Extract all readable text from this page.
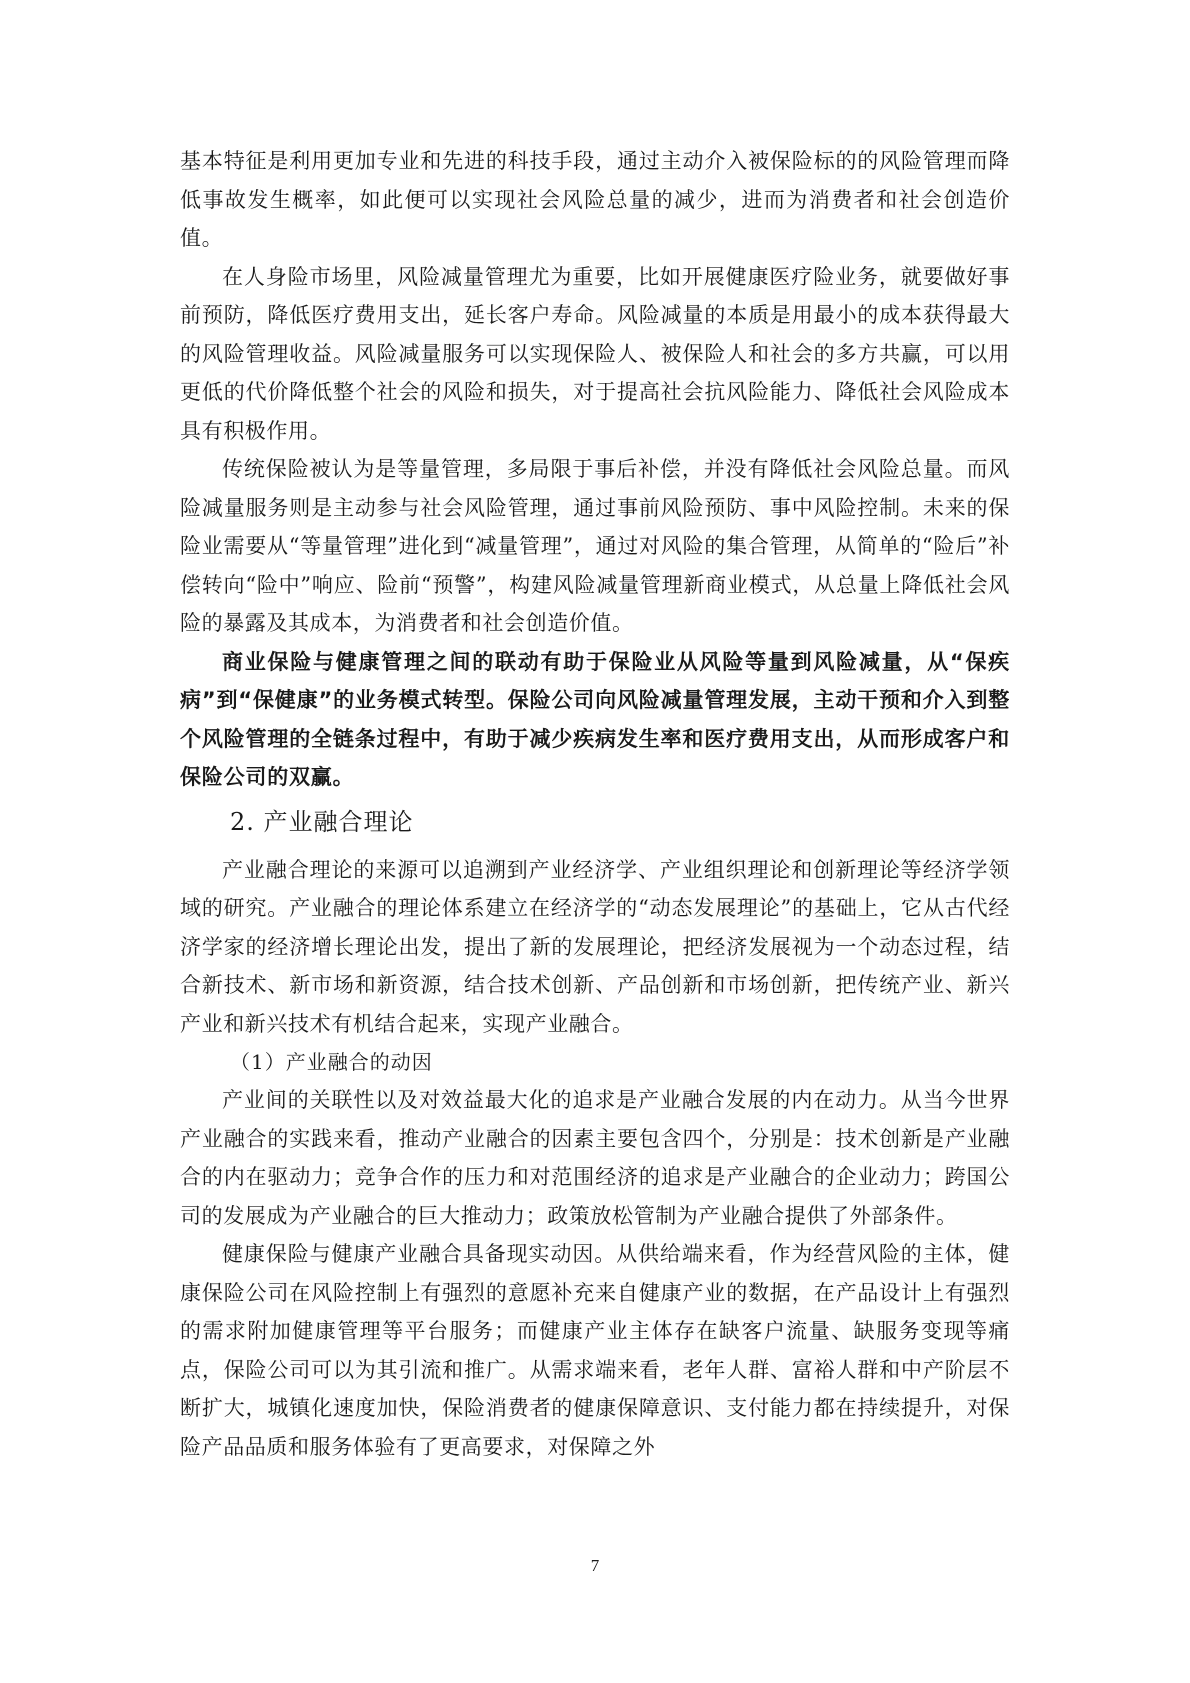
基本特征是利用更加专业和先进的科技手段，通过主动介入被保险标的的风险管理而降低事故发生概率，如此便可以实现社会风险总量的减少，进而为消费者和社会创造价值。

在人身险市场里，风险减量管理尤为重要，比如开展健康医疗险业务，就要做好事前预防，降低医疗费用支出，延长客户寿命。风险减量的本质是用最小的成本获得最大的风险管理收益。风险减量服务可以实现保险人、被保险人和社会的多方共赢，可以用更低的代价降低整个社会的风险和损失，对于提高社会抗风险能力、降低社会风险成本具有积极作用。

传统保险被认为是等量管理，多局限于事后补偿，并没有降低社会风险总量。而风险减量服务则是主动参与社会风险管理，通过事前风险预防、事中风险控制。未来的保险业需要从“等量管理”进化到“减量管理”，通过对风险的集合管理，从简单的“险后”补偿转向“险中”响应、险前“预警”，构建风险减量管理新商业模式，从总量上降低社会风险的暴露及其成本，为消费者和社会创造价值。

商业保险与健康管理之间的联动有助于保险业从风险等量到风险减量，从“保疾病”到“保健康”的业务模式转型。保险公司向风险减量管理发展，主动干预和介入到整个风险管理的全链条过程中，有助于减少疾病发生率和医疗费用支出，从而形成客户和保险公司的双赢。

2. 产业融合理论

产业融合理论的来源可以追溯到产业经济学、产业组织理论和创新理论等经济学领域的研究。产业融合的理论体系建立在经济学的“动态发展理论”的基础上，它从古代经济学家的经济增长理论出发，提出了新的发展理论，把经济发展视为一个动态过程，结合新技术、新市场和新资源，结合技术创新、产品创新和市场创新，把传统产业、新兴产业和新兴技术有机结合起来，实现产业融合。

（1）产业融合的动因

产业间的关联性以及对效益最大化的追求是产业融合发展的内在动力。从当今世界产业融合的实践来看，推动产业融合的因素主要包含四个，分别是：技术创新是产业融合的内在驱动力；竞争合作的压力和对范围经济的追求是产业融合的企业动力；跨国公司的发展成为产业融合的巨大推动力；政策放松管制为产业融合提供了外部条件。

健康保险与健康产业融合具备现实动因。从供给端来看，作为经营风险的主体，健康保险公司在风险控制上有强烈的意愿补充来自健康产业的数据，在产品设计上有强烈的需求附加健康管理等平台服务；而健康产业主体存在缺客户流量、缺服务变现等痛点，保险公司可以为其引流和推广。从需求端来看，老年人群、富裕人群和中产阶层不断扩大，城镇化速度加快，保险消费者的健康保障意识、支付能力都在持续提升，对保险产品品质和服务体验有了更高要求，对保障之外

7
